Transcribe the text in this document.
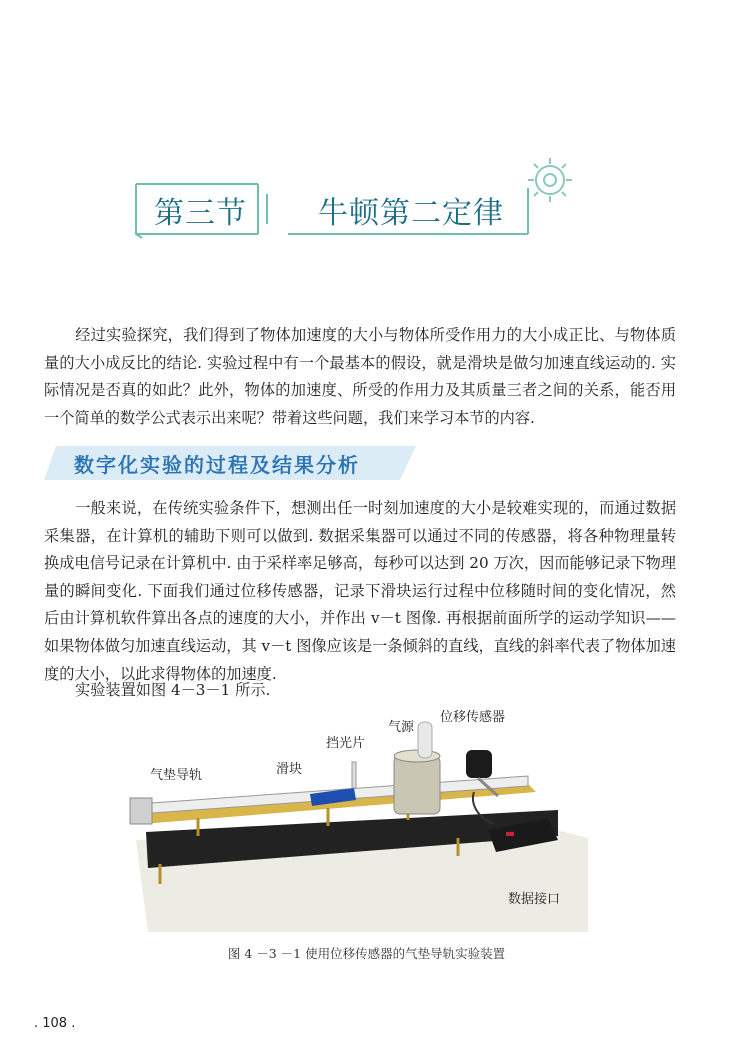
第三节 牛顿第二定律

经过实验探究，我们得到了物体加速度的大小与物体所受作用力的大小成正比、与物体质量的大小成反比的结论. 实验过程中有一个最基本的假设，就是滑块是做匀加速直线运动的. 实际情况是否真的如此？此外，物体的加速度、所受的作用力及其质量三者之间的关系，能否用一个简单的数学公式表示出来呢？带着这些问题，我们来学习本节的内容.

数字化实验的过程及结果分析

一般来说，在传统实验条件下，想测出任一时刻加速度的大小是较难实现的，而通过数据采集器，在计算机的辅助下则可以做到. 数据采集器可以通过不同的传感器，将各种物理量转换成电信号记录在计算机中. 由于采样率足够高，每秒可以达到 20 万次，因而能够记录下物理量的瞬间变化. 下面我们通过位移传感器，记录下滑块运行过程中位移随时间的变化情况，然后由计算机软件算出各点的速度的大小，并作出 v－t 图像. 再根据前面所学的运动学知识——如果物体做匀加速直线运动，其 v－t 图像应该是一条倾斜的直线，直线的斜率代表了物体加速度的大小，以此求得物体的加速度.

实验装置如图 4－3－1 所示.

气源
位移传感器
挡光片
滑块
气垫导轨
数据接口
图 4 －3 －1 使用位移传感器的气垫导轨实验装置
. 108 .
